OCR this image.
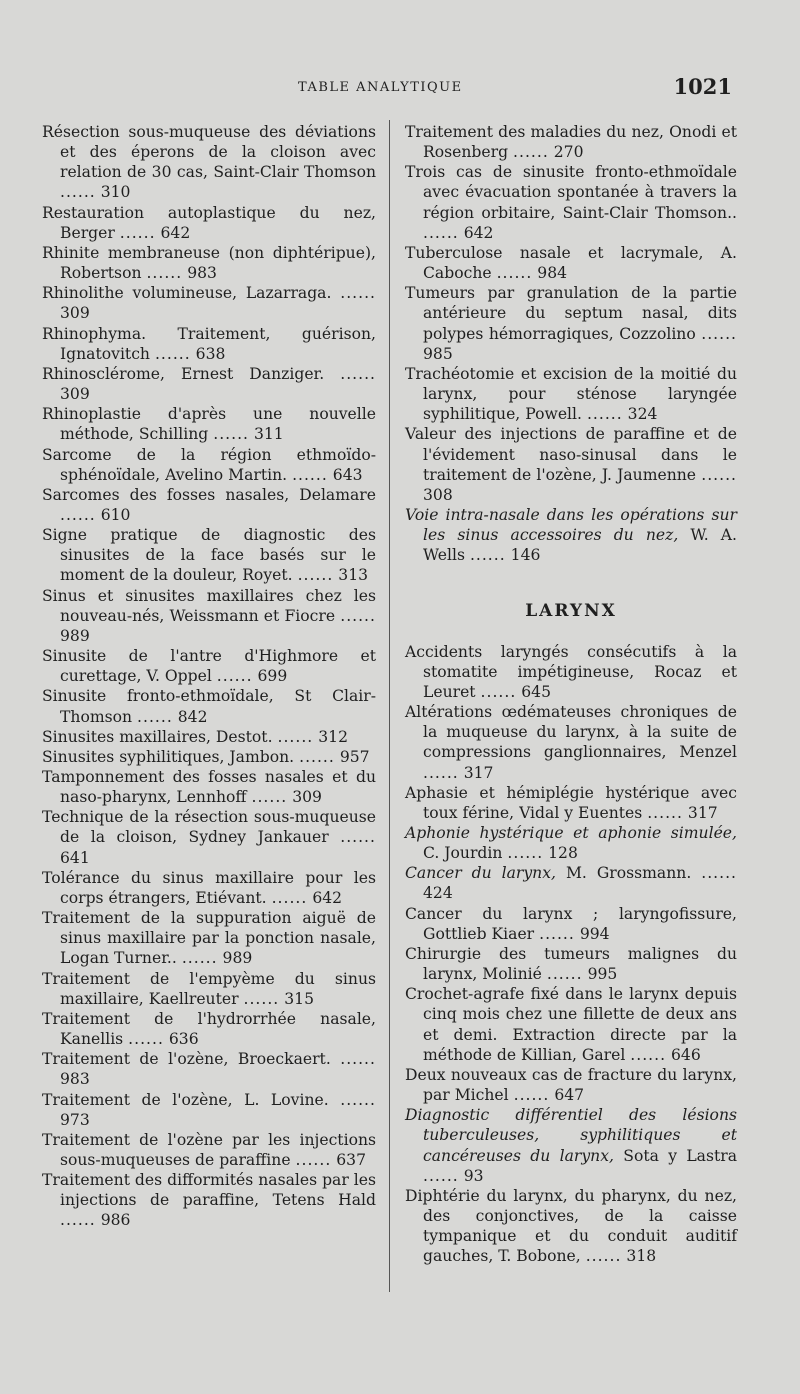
TABLE ANALYTIQUE	1021
Résection sous-muqueuse des déviations et des éperons de la cloison avec relation de 30 cas, Saint-Clair Thomson ...... 310
Restauration autoplastique du nez, Berger ...... 642
Rhinite membraneuse (non diphtéripue), Robertson ...... 983
Rhinolithe volumineuse, Lazarraga. ...... 309
Rhinophyma. Traitement, guérison, Ignatovitch ...... 638
Rhinosclérome, Ernest Danziger. ...... 309
Rhinoplastie d'après une nouvelle méthode, Schilling ...... 311
Sarcome de la région ethmoïdo-sphénoïdale, Avelino Martin. ...... 643
Sarcomes des fosses nasales, Delamare ...... 610
Signe pratique de diagnostic des sinusites de la face basés sur le moment de la douleur, Royet. ...... 313
Sinus et sinusites maxillaires chez les nouveau-nés, Weissmann et Fiocre ...... 989
Sinusite de l'antre d'Highmore et curettage, V. Oppel ...... 699
Sinusite fronto-ethmoïdale, St Clair-Thomson ...... 842
Sinusites maxillaires, Destot. ...... 312
Sinusites syphilitiques, Jambon. ...... 957
Tamponnement des fosses nasales et du naso-pharynx, Lennhoff ...... 309
Technique de la résection sous-muqueuse de la cloison, Sydney Jankauer ...... 641
Tolérance du sinus maxillaire pour les corps étrangers, Etiévant. ...... 642
Traitement de la suppuration aiguë de sinus maxillaire par la ponction nasale, Logan Turner.. ...... 989
Traitement de l'empyème du sinus maxillaire, Kaellreuter ...... 315
Traitement de l'hydrorrhée nasale, Kanellis ...... 636
Traitement de l'ozène, Broeckaert. ...... 983
Traitement de l'ozène, L. Lovine. ...... 973
Traitement de l'ozène par les injections sous-muqueuses de paraffine ...... 637
Traitement des difformités nasales par les injections de paraffine, Tetens Hald ...... 986
Traitement des maladies du nez, Onodi et Rosenberg ...... 270
Trois cas de sinusite fronto-ethmoïdale avec évacuation spontanée à travers la région orbitaire, Saint-Clair Thomson.. ...... 642
Tuberculose nasale et lacrymale, A. Caboche ...... 984
Tumeurs par granulation de la partie antérieure du septum nasal, dits polypes hémorragiques, Cozzolino ...... 985
Trachéotomie et excision de la moitié du larynx, pour sténose laryngée syphilitique, Powell. ...... 324
Valeur des injections de paraffine et de l'évidement naso-sinusal dans le traitement de l'ozène, J. Jaumenne ...... 308
Voie intra-nasale dans les opérations sur les sinus accessoires du nez, W. A. Wells ...... 146
LARYNX
Accidents laryngés consécutifs à la stomatite impétigineuse, Rocaz et Leuret ...... 645
Altérations œdémateuses chroniques de la muqueuse du larynx, à la suite de compressions ganglionnaires, Menzel ...... 317
Aphasie et hémiplégie hystérique avec toux férine, Vidal y Euentes ...... 317
Aphonie hystérique et aphonie simulée, C. Jourdin ...... 128
Cancer du larynx, M. Grossmann. ...... 424
Cancer du larynx ; laryngofissure, Gottlieb Kiaer ...... 994
Chirurgie des tumeurs malignes du larynx, Molinié ...... 995
Crochet-agrafe fixé dans le larynx depuis cinq mois chez une fillette de deux ans et demi. Extraction directe par la méthode de Killian, Garel ...... 646
Deux nouveaux cas de fracture du larynx, par Michel ...... 647
Diagnostic différentiel des lésions tuberculeuses, syphilitiques et cancéreuses du larynx, Sota y Lastra ...... 93
Diphtérie du larynx, du pharynx, du nez, des conjonctives, de la caisse tympanique et du conduit auditif gauches, T. Bobone, ...... 318
